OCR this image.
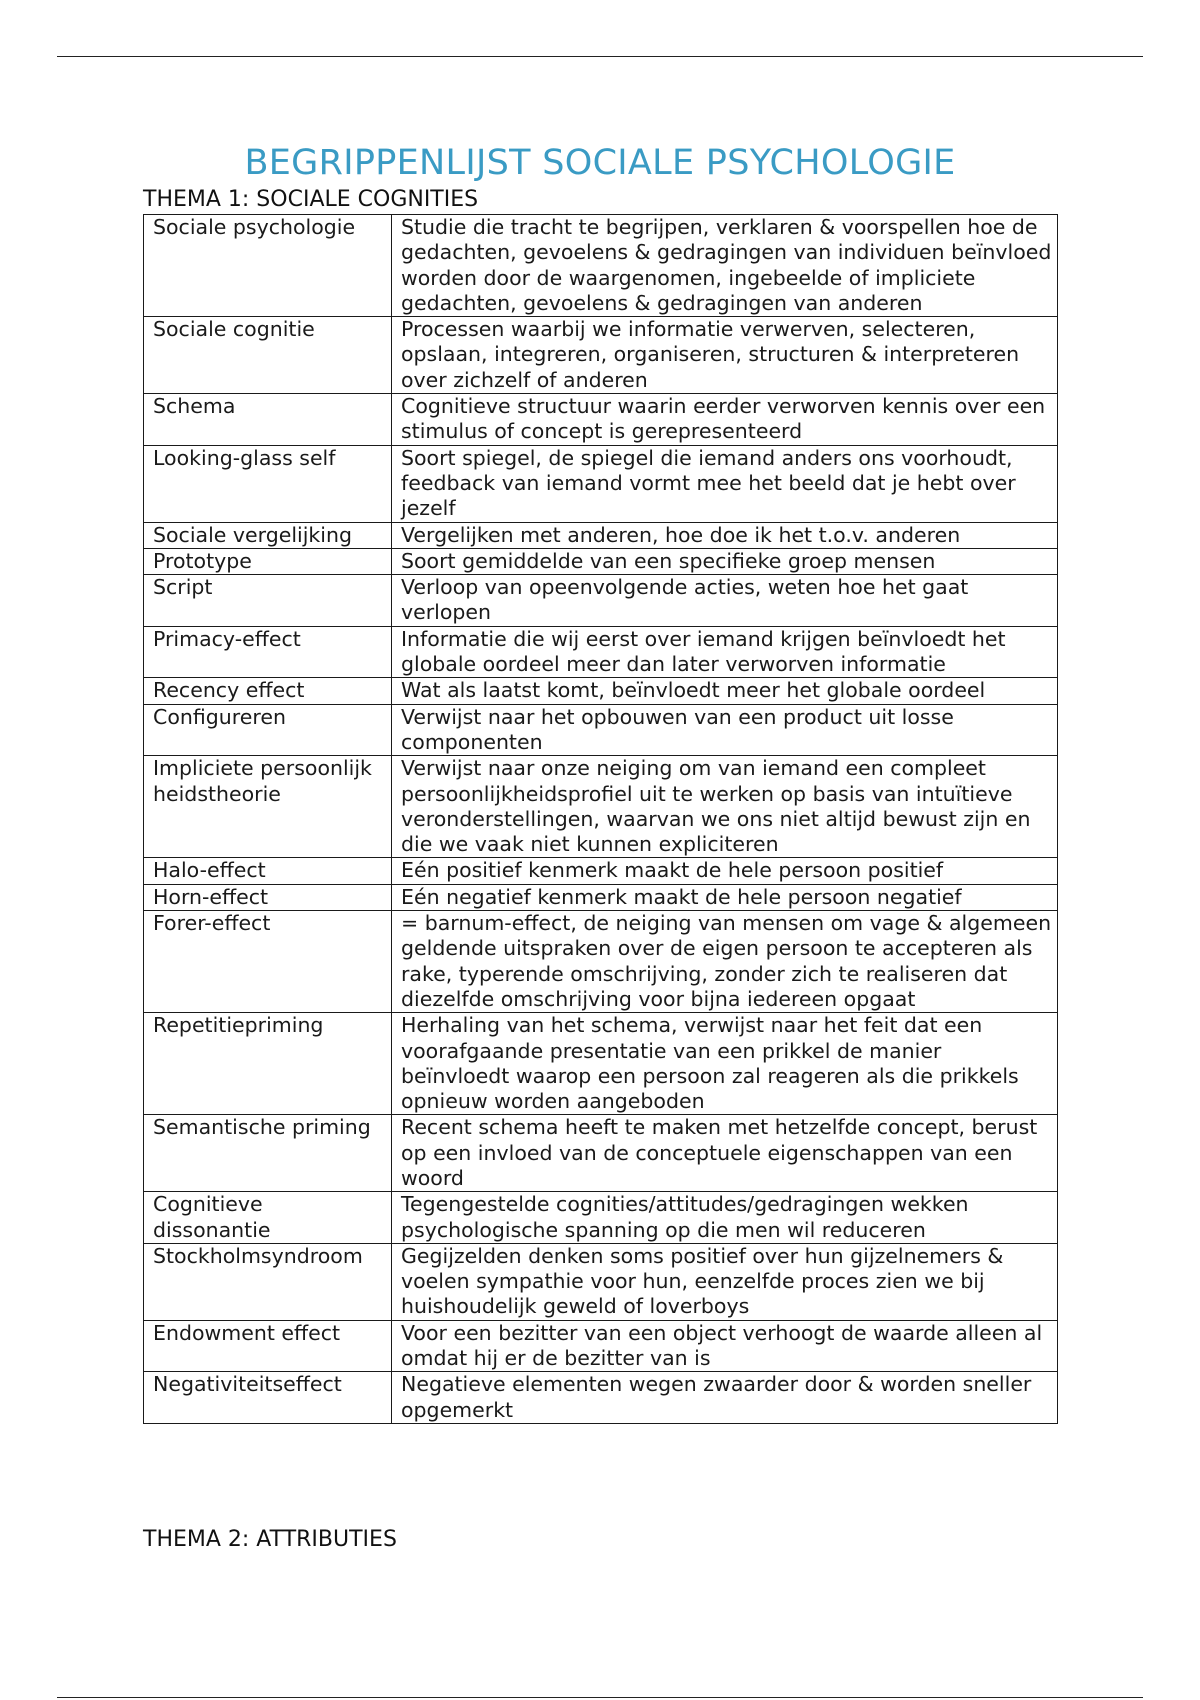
BEGRIPPENLIJST SOCIALE PSYCHOLOGIE
THEMA 1: SOCIALE COGNITIES
Sociale psychologie	Studie die tracht te begrijpen, verklaren & voorspellen hoe de gedachten, gevoelens & gedragingen van individuen beïnvloed worden door de waargenomen, ingebeelde of impliciete gedachten, gevoelens & gedragingen van anderen
Sociale cognitie	Processen waarbij we informatie verwerven, selecteren, opslaan, integreren, organiseren, structuren & interpreteren over zichzelf of anderen
Schema	Cognitieve structuur waarin eerder verworven kennis over een stimulus of concept is gerepresenteerd
Looking-glass self	Soort spiegel, de spiegel die iemand anders ons voorhoudt, feedback van iemand vormt mee het beeld dat je hebt over jezelf
Sociale vergelijking	Vergelijken met anderen, hoe doe ik het t.o.v. anderen
Prototype	Soort gemiddelde van een specifieke groep mensen
Script	Verloop van opeenvolgende acties, weten hoe het gaat verlopen
Primacy-effect	Informatie die wij eerst over iemand krijgen beïnvloedt het globale oordeel meer dan later verworven informatie
Recency effect	Wat als laatst komt, beïnvloedt meer het globale oordeel
Configureren	Verwijst naar het opbouwen van een product uit losse componenten
Impliciete persoonlijkheidstheorie	Verwijst naar onze neiging om van iemand een compleet persoonlijkheidsprofiel uit te werken op basis van intuïtieve veronderstellingen, waarvan we ons niet altijd bewust zijn en die we vaak niet kunnen expliciteren
Halo-effect	Eén positief kenmerk maakt de hele persoon positief
Horn-effect	Eén negatief kenmerk maakt de hele persoon negatief
Forer-effect	= barnum-effect, de neiging van mensen om vage & algemeen geldende uitspraken over de eigen persoon te accepteren als rake, typerende omschrijving, zonder zich te realiseren dat diezelfde omschrijving voor bijna iedereen opgaat
Repetitiepriming	Herhaling van het schema, verwijst naar het feit dat een voorafgaande presentatie van een prikkel de manier beïnvloedt waarop een persoon zal reageren als die prikkels opnieuw worden aangeboden
Semantische priming	Recent schema heeft te maken met hetzelfde concept, berust op een invloed van de conceptuele eigenschappen van een woord
Cognitieve dissonantie	Tegengestelde cognities/attitudes/gedragingen wekken psychologische spanning op die men wil reduceren
Stockholmsyndroom	Gegijzelden denken soms positief over hun gijzelnemers & voelen sympathie voor hun, eenzelfde proces zien we bij huishoudelijk geweld of loverboys
Endowment effect	Voor een bezitter van een object verhoogt de waarde alleen al omdat hij er de bezitter van is
Negativiteitseffect	Negatieve elementen wegen zwaarder door & worden sneller opgemerkt
THEMA 2: ATTRIBUTIES
